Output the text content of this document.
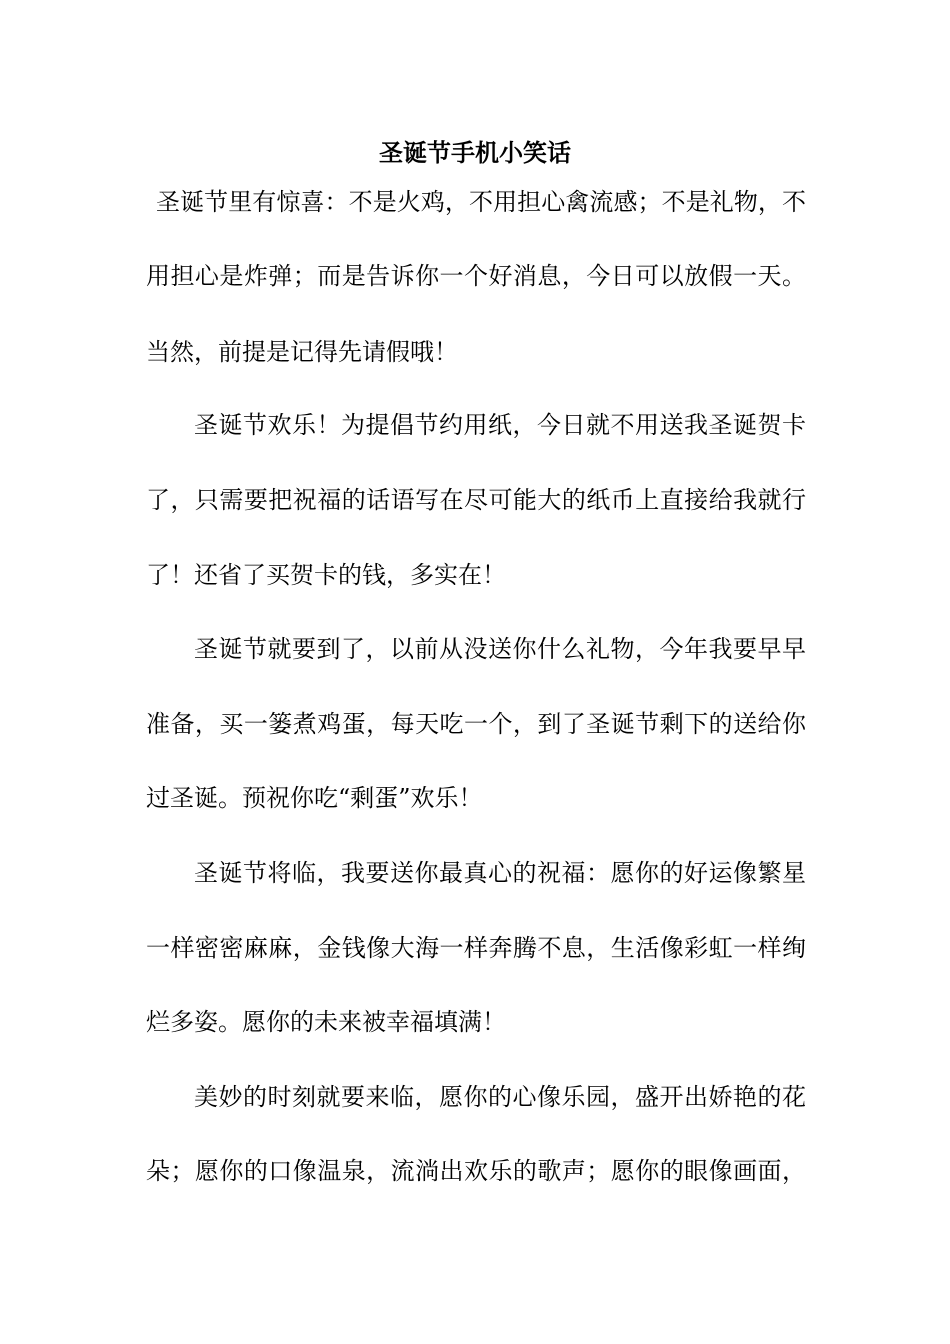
圣诞节手机小笑话

圣诞节里有惊喜：不是火鸡，不用担心禽流感；不是礼物，不

用担心是炸弹；而是告诉你一个好消息，今日可以放假一天。

当然，前提是记得先请假哦！

圣诞节欢乐！为提倡节约用纸，今日就不用送我圣诞贺卡

了，只需要把祝福的话语写在尽可能大的纸币上直接给我就行

了！还省了买贺卡的钱，多实在！

圣诞节就要到了，以前从没送你什么礼物，今年我要早早

准备，买一篓煮鸡蛋，每天吃一个，到了圣诞节剩下的送给你

过圣诞。预祝你吃“剩蛋”欢乐！

圣诞节将临，我要送你最真心的祝福：愿你的好运像繁星

一样密密麻麻，金钱像大海一样奔腾不息，生活像彩虹一样绚

烂多姿。愿你的未来被幸福填满！

美妙的时刻就要来临，愿你的心像乐园，盛开出娇艳的花

朵；愿你的口像温泉，流淌出欢乐的歌声；愿你的眼像画面，
